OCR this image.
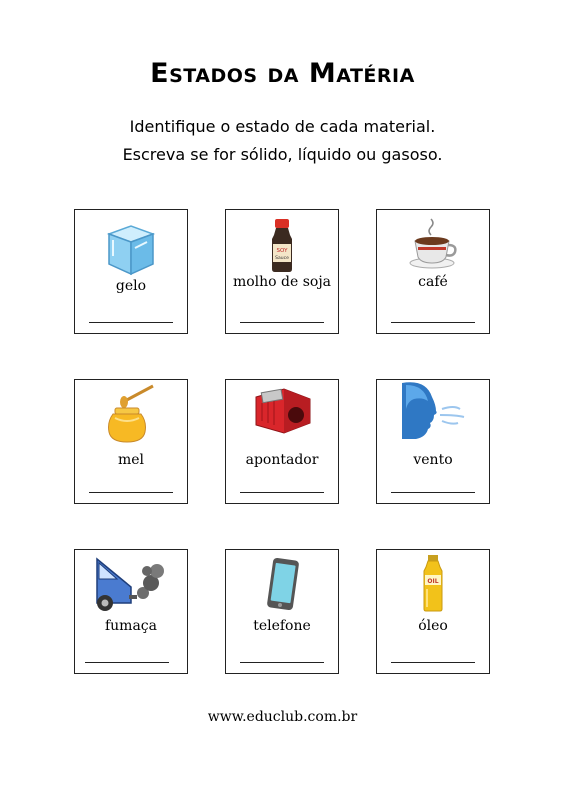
Estados da Matéria
Identifique o estado de cada material.
Escreva se for sólido, líquido ou gasoso.
gelo
SOY
Sauce
molho de soja	café
mel	apontador	vento
fumaça	telefone
OIL
óleo
www.educlub.com.br
